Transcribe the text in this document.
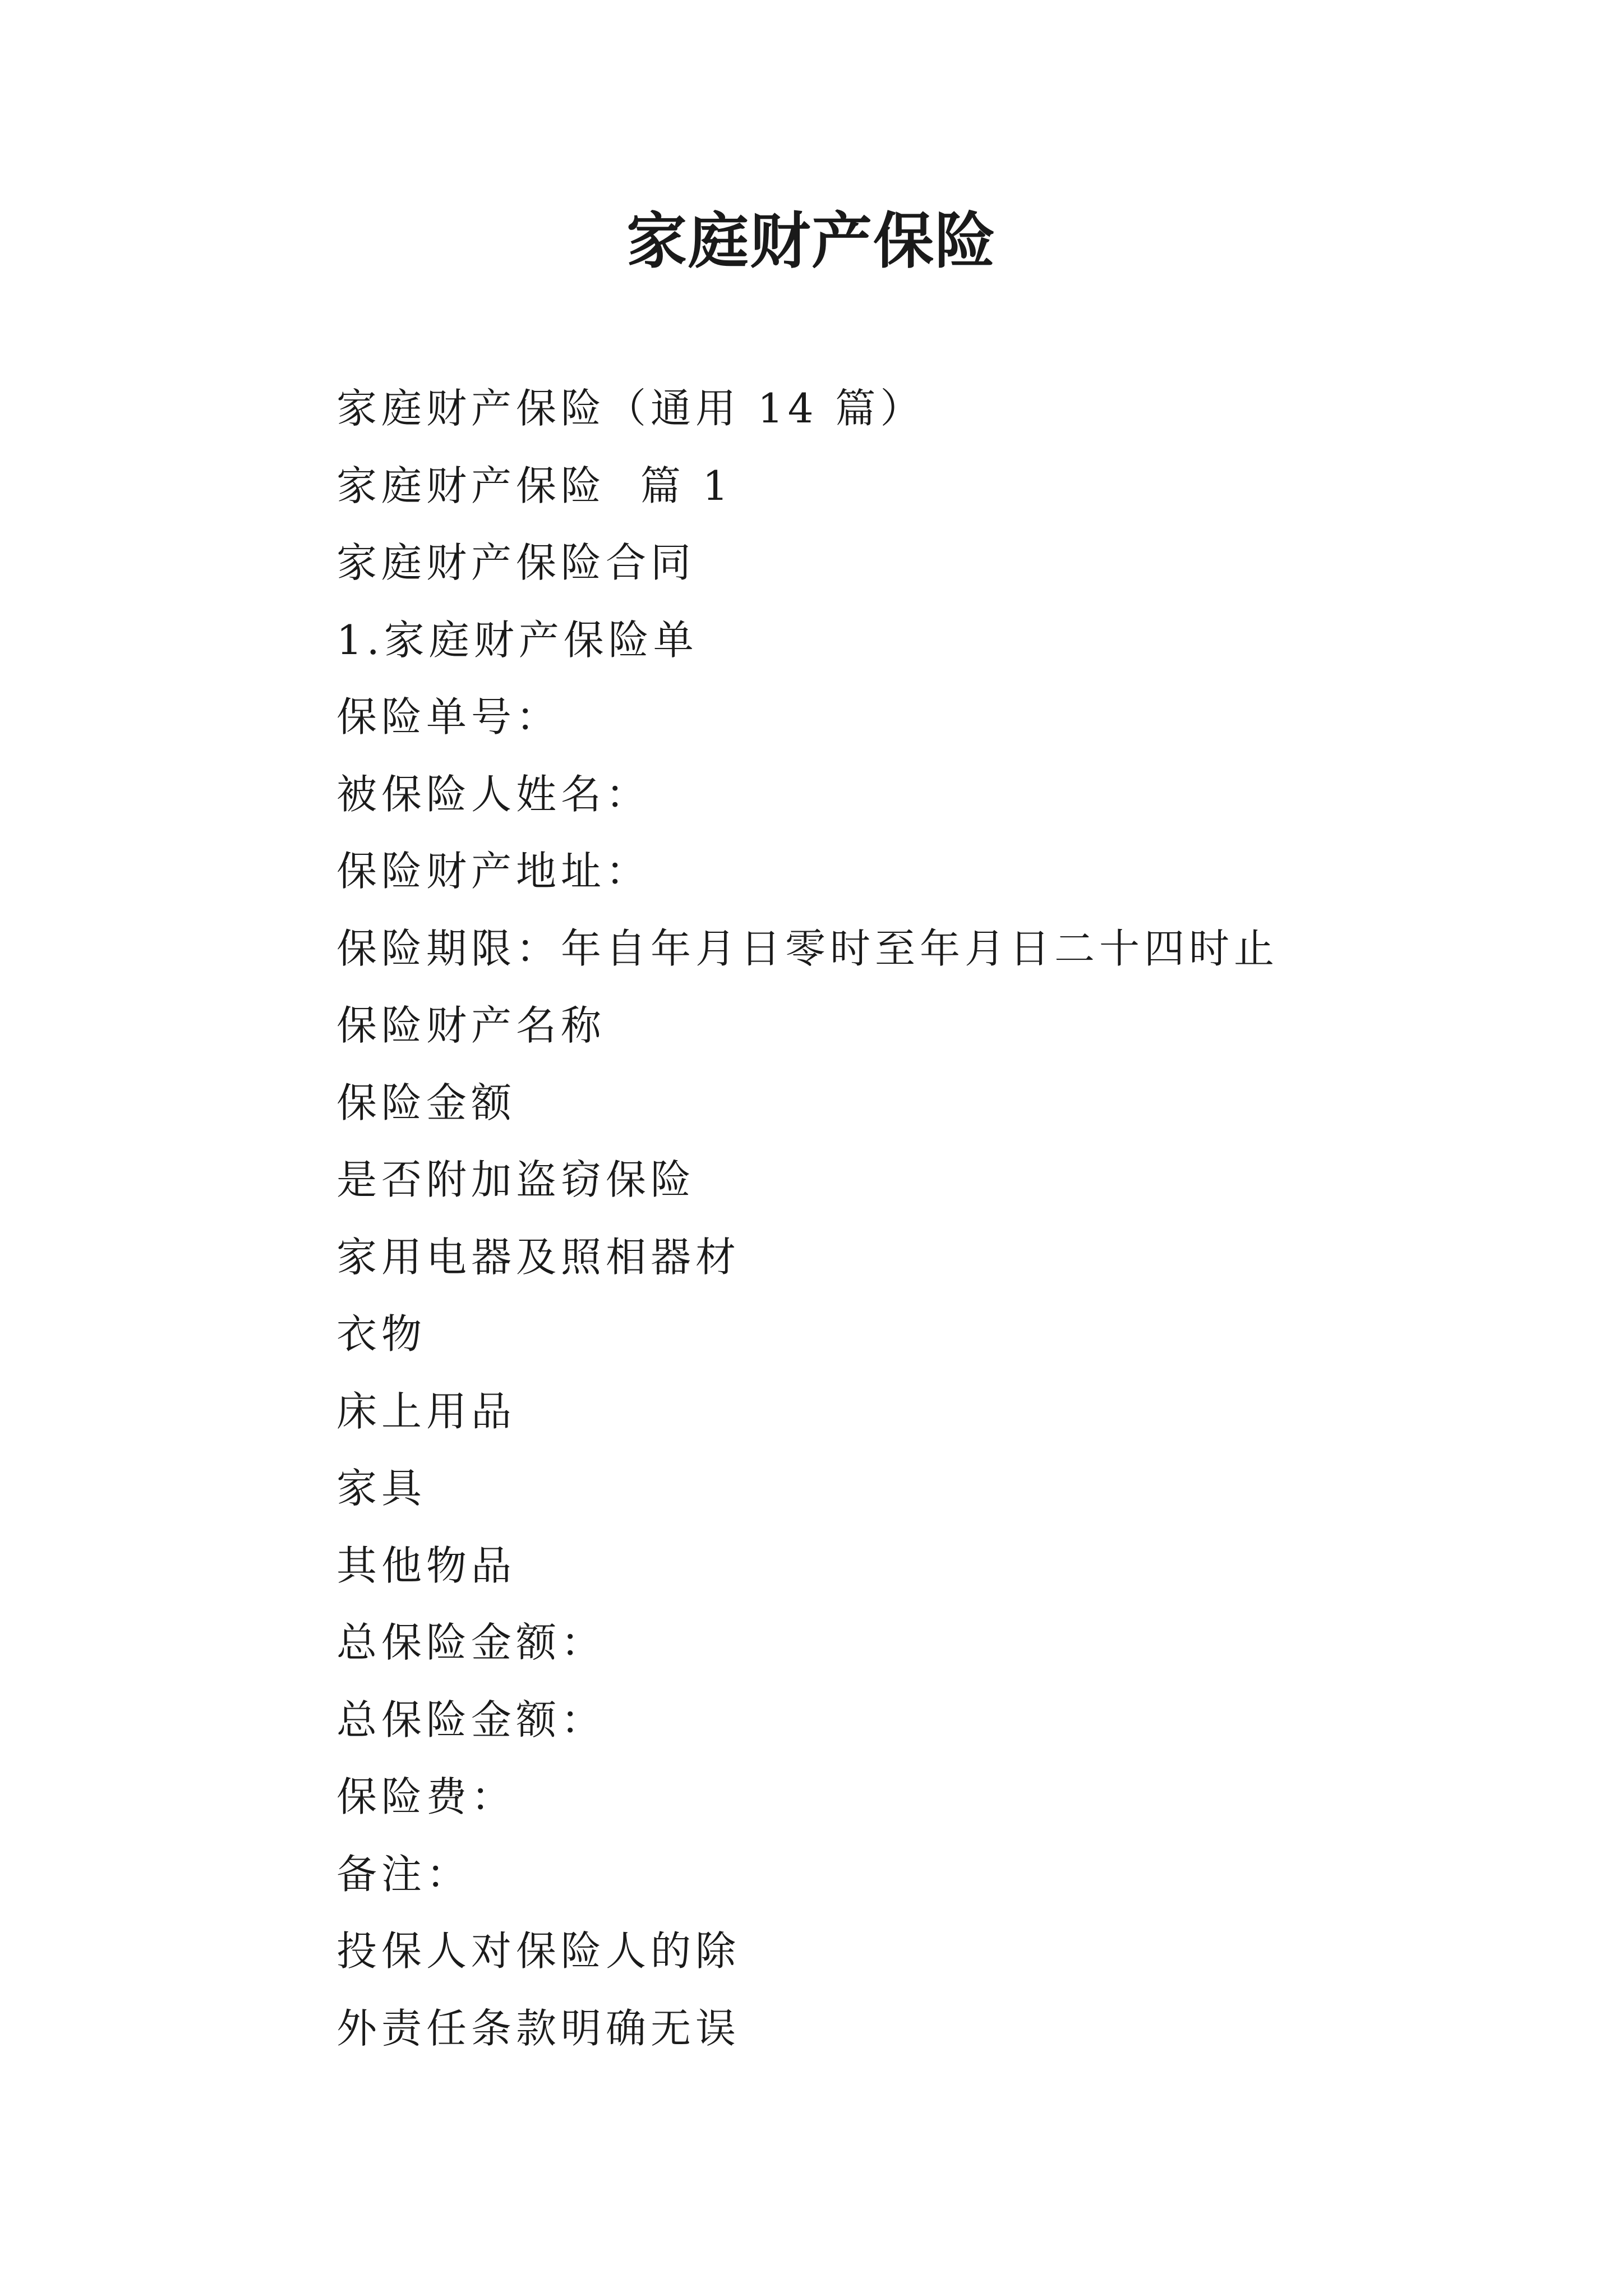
家庭财产保险
家庭财产保险（通用 14 篇）
家庭财产保险  篇 1
家庭财产保险合同
1.家庭财产保险单
保险单号：
被保险人姓名：
保险财产地址：
保险期限：年自年月日零时至年月日二十四时止
保险财产名称
保险金额
是否附加盗窃保险
家用电器及照相器材
衣物
床上用品
家具
其他物品
总保险金额：
总保险金额：
保险费：
备注：
投保人对保险人的除
外责任条款明确无误
